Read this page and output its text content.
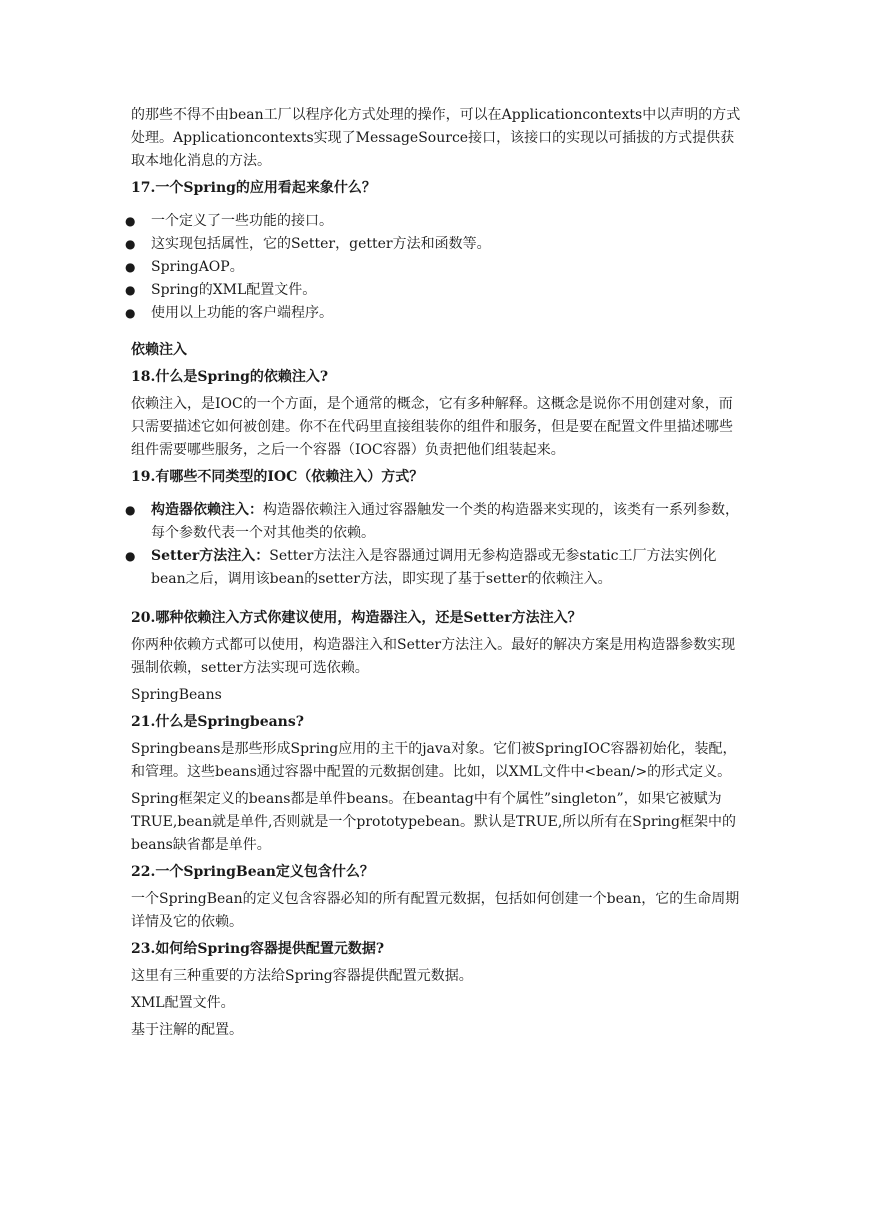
的那些不得不由bean工厂以程序化方式处理的操作，可以在Applicationcontexts中以声明的方式处理。Applicationcontexts实现了MessageSource接口，该接口的实现以可插拔的方式提供获取本地化消息的方法。

17.一个Spring的应用看起来象什么？

● 一个定义了一些功能的接口。
● 这实现包括属性，它的Setter，getter方法和函数等。
● SpringAOP。
● Spring的XML配置文件。
● 使用以上功能的客户端程序。

依赖注入

18.什么是Spring的依赖注入?

依赖注入，是IOC的一个方面，是个通常的概念，它有多种解释。这概念是说你不用创建对象，而只需要描述它如何被创建。你不在代码里直接组装你的组件和服务，但是要在配置文件里描述哪些组件需要哪些服务，之后一个容器（IOC容器）负责把他们组装起来。

19.有哪些不同类型的IOC（依赖注入）方式？

● 构造器依赖注入：构造器依赖注入通过容器触发一个类的构造器来实现的，该类有一系列参数，每个参数代表一个对其他类的依赖。
● Setter方法注入：Setter方法注入是容器通过调用无参构造器或无参static工厂方法实例化bean之后，调用该bean的setter方法，即实现了基于setter的依赖注入。

20.哪种依赖注入方式你建议使用，构造器注入，还是Setter方法注入？

你两种依赖方式都可以使用，构造器注入和Setter方法注入。最好的解决方案是用构造器参数实现强制依赖，setter方法实现可选依赖。

SpringBeans

21.什么是Springbeans?

Springbeans是那些形成Spring应用的主干的java对象。它们被SpringIOC容器初始化，装配，和管理。这些beans通过容器中配置的元数据创建。比如，以XML文件中<bean/>的形式定义。

Spring框架定义的beans都是单件beans。在beantag中有个属性”singleton”，如果它被赋为TRUE,bean就是单件,否则就是一个prototypebean。默认是TRUE,所以所有在Spring框架中的beans缺省都是单件。

22.一个SpringBean定义包含什么？

一个SpringBean的定义包含容器必知的所有配置元数据，包括如何创建一个bean，它的生命周期详情及它的依赖。

23.如何给Spring容器提供配置元数据?

这里有三种重要的方法给Spring容器提供配置元数据。

XML配置文件。

基于注解的配置。
